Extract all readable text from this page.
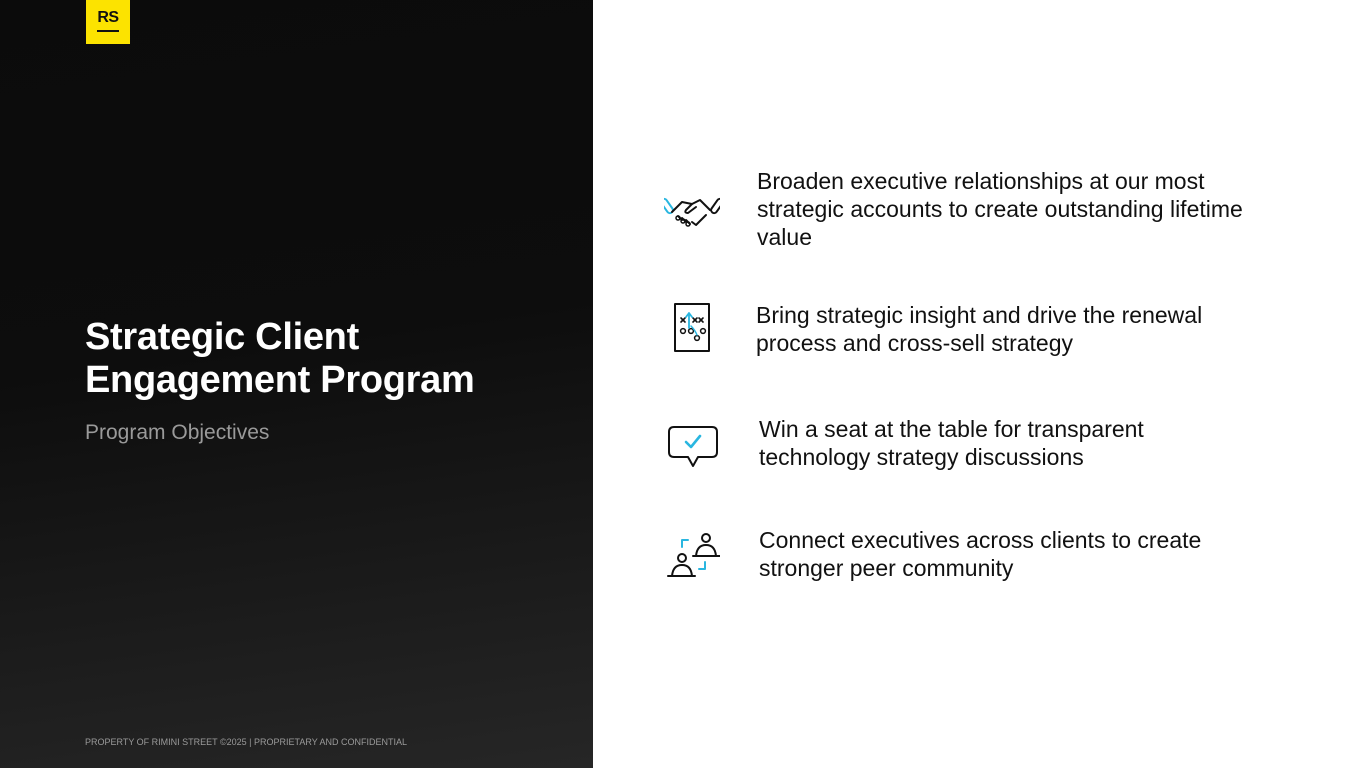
RS
Strategic Client Engagement Program

Program Objectives

PROPERTY OF RIMINI STREET ©2025 | PROPRIETARY AND CONFIDENTIAL

Broaden executive relationships at our most strategic accounts to create outstanding lifetime value

Bring strategic insight and drive the renewal process and cross-sell strategy

Win a seat at the table for transparent technology strategy discussions

Connect executives across clients to create stronger peer community
